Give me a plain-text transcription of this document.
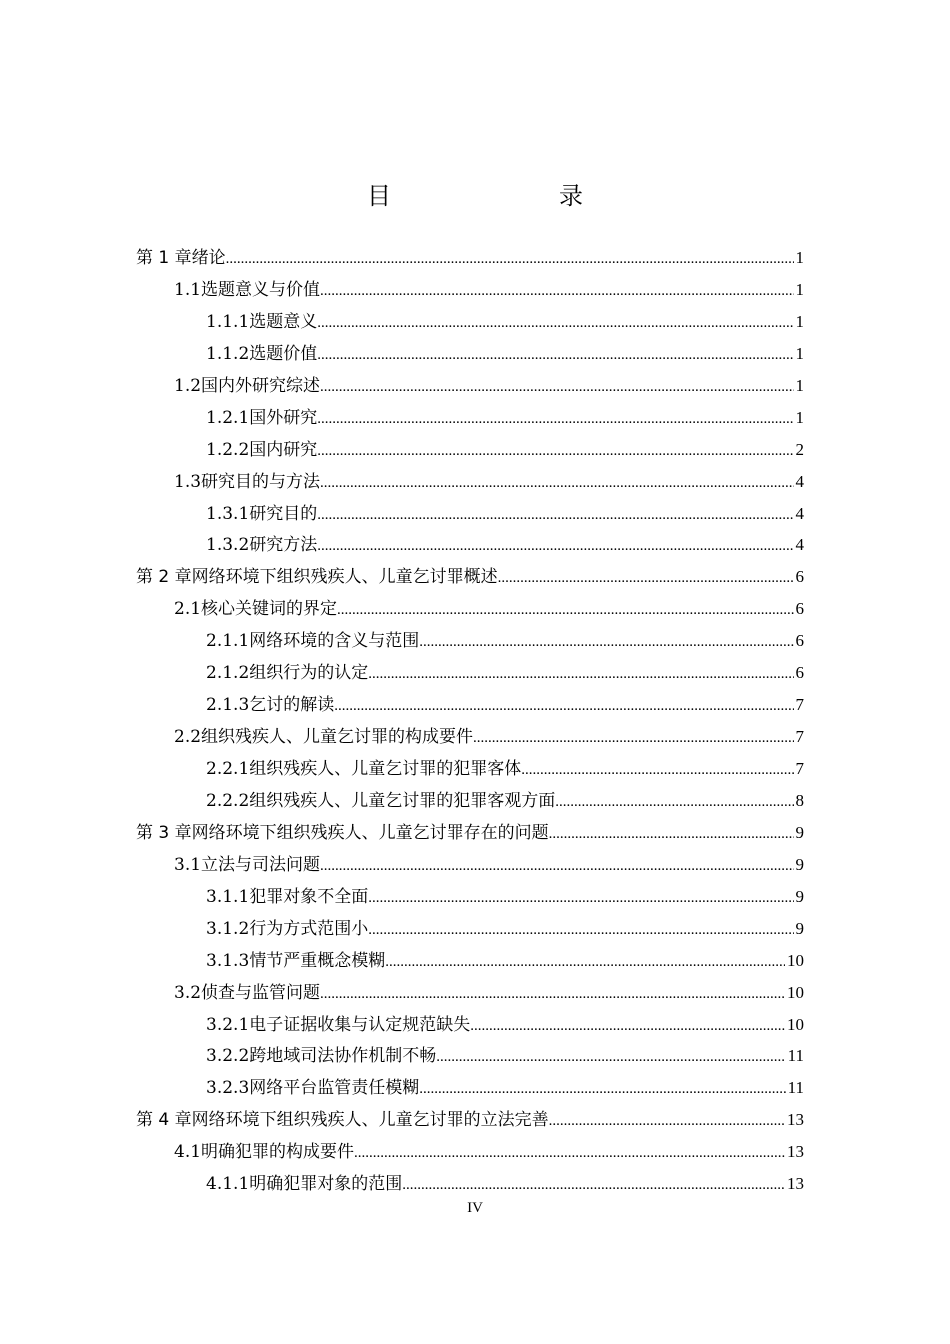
目　　录
第 1 章 绪论 .....	1
1.1 选题意义与价值 .....	1
1.1.1 选题意义 .....	1
1.1.2 选题价值 .....	1
1.2 国内外研究综述 .....	1
1.2.1 国外研究 .....	1
1.2.2 国内研究 .....	2
1.3 研究目的与方法 .....	4
1.3.1 研究目的 .....	4
1.3.2 研究方法 .....	4
第 2 章 网络环境下组织残疾人、儿童乞讨罪概述 .....	6
2.1 核心关键词的界定 .....	6
2.1.1 网络环境的含义与范围 .....	6
2.1.2 组织行为的认定 .....	6
2.1.3 乞讨的解读 .....	7
2.2 组织残疾人、儿童乞讨罪的构成要件 .....	7
2.2.1 组织残疾人、儿童乞讨罪的犯罪客体 .....	7
2.2.2 组织残疾人、儿童乞讨罪的犯罪客观方面 .....	8
第 3 章 网络环境下组织残疾人、儿童乞讨罪存在的问题 .....	9
3.1 立法与司法问题 .....	9
3.1.1 犯罪对象不全面 .....	9
3.1.2 行为方式范围小 .....	9
3.1.3 情节严重概念模糊 .....	10
3.2 侦查与监管问题 .....	10
3.2.1 电子证据收集与认定规范缺失 .....	10
3.2.2 跨地域司法协作机制不畅 .....	11
3.2.3 网络平台监管责任模糊 .....	11
第 4 章 网络环境下组织残疾人、儿童乞讨罪的立法完善 .....	13
4.1 明确犯罪的构成要件 .....	13
4.1.1 明确犯罪对象的范围 .....	13
IV
